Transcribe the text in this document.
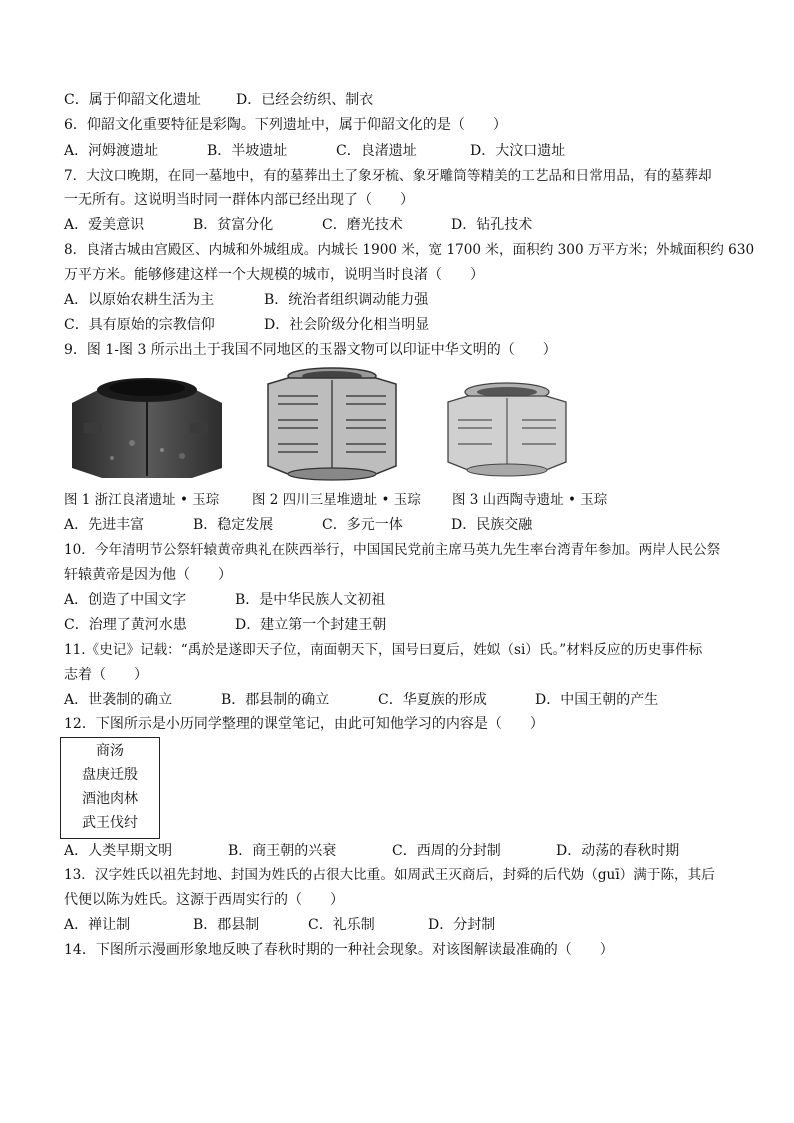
C．属于仰韶文化遗址	D．已经会纺织、制衣
6．仰韶文化重要特征是彩陶。下列遗址中，属于仰韶文化的是（　　）
A．河姆渡遗址	B．半坡遗址	C．良渚遗址	D．大汶口遗址
7．大汶口晚期，在同一墓地中，有的墓葬出土了象牙梳、象牙雕筒等精美的工艺品和日常用品，有的墓葬却
一无所有。这说明当时同一群体内部已经出现了（　　）
A．爱美意识	B．贫富分化	C．磨光技术	D．钻孔技术
8．良渚古城由宫殿区、内城和外城组成。内城长 1900 米，宽 1700 米，面积约 300 万平方米；外城面积约 630
万平方米。能够修建这样一个大规模的城市，说明当时良渚（　　）
A．以原始农耕生活为主	B．统治者组织调动能力强
C．具有原始的宗教信仰	D．社会阶级分化相当明显
9．图 1-图 3 所示出土于我国不同地区的玉器文物可以印证中华文明的（　　）
图 1 浙江良渚遗址 • 玉琮 图 2 四川三星堆遗址 • 玉琮 图 3 山西陶寺遗址 • 玉琮
A．先进丰富	B．稳定发展	C．多元一体	D．民族交融
10．今年清明节公祭轩辕黄帝典礼在陕西举行，中国国民党前主席马英九先生率台湾青年参加。两岸人民公祭
轩辕黄帝是因为他（　　）
A．创造了中国文字	B．是中华民族人文初祖
C．治理了黄河水患	D．建立第一个封建王朝
11.《史记》记载：“禹於是遂即天子位，南面朝天下，国号曰夏后，姓姒（si）氏。”材料反应的历史事件标
志着（　　）
A．世袭制的确立	B．郡县制的确立	C．华夏族的形成	D．中国王朝的产生
12．下图所示是小历同学整理的课堂笔记，由此可知他学习的内容是（　　）
商汤
盘庚迁殷
酒池肉林
武王伐纣
A．人类早期文明	B．商王朝的兴衰	C．西周的分封制	D．动荡的春秋时期
13．汉字姓氏以祖先封地、封国为姓氏的占很大比重。如周武王灭商后，封舜的后代妫（guī）满于陈，其后
代便以陈为姓氏。这源于西周实行的（　　）
A．禅让制	B．郡县制	C．礼乐制	D．分封制
14．下图所示漫画形象地反映了春秋时期的一种社会现象。对该图解读最准确的（　　）
